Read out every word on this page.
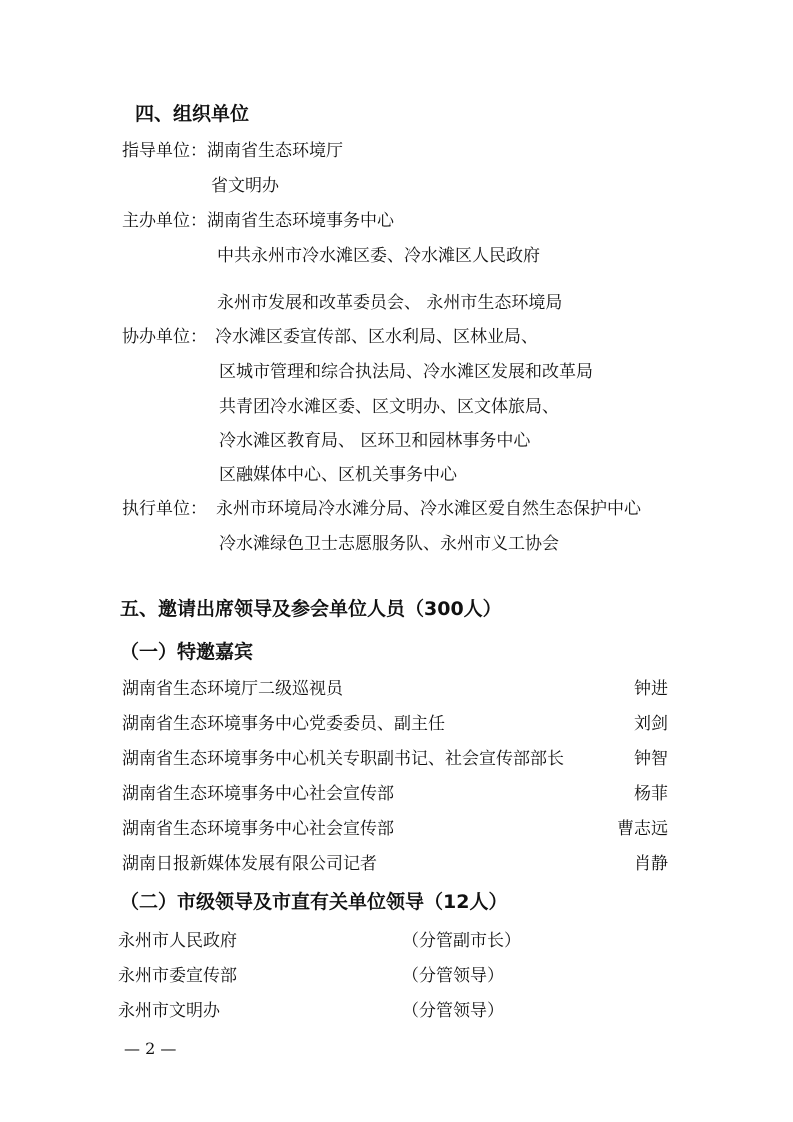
四、组织单位
指导单位： 湖南省生态环境厅
省文明办
主办单位： 湖南省生态环境事务中心
中共永州市冷水滩区委、冷水滩区人民政府
永州市发展和改革委员会、 永州市生态环境局
协办单位： 冷水滩区委宣传部、区水利局、区林业局、
区城市管理和综合执法局、冷水滩区发展和改革局
共青团冷水滩区委、区文明办、区文体旅局、
冷水滩区教育局、 区环卫和园林事务中心
区融媒体中心、区机关事务中心
执行单位： 永州市环境局冷水滩分局、冷水滩区爱自然生态保护中心
冷水滩绿色卫士志愿服务队、永州市义工协会
五、邀请出席领导及参会单位人员（300人）
（一）特邀嘉宾
湖南省生态环境厅二级巡视员	钟进
湖南省生态环境事务中心党委委员、副主任	刘剑
湖南省生态环境事务中心机关专职副书记、社会宣传部部长	钟智
湖南省生态环境事务中心社会宣传部	杨菲
湖南省生态环境事务中心社会宣传部	曹志远
湖南日报新媒体发展有限公司记者	肖静
（二）市级领导及市直有关单位领导（12人）
永州市人民政府	（分管副市长）
永州市委宣传部	（分管领导）
永州市文明办	（分管领导）
— 2 —
